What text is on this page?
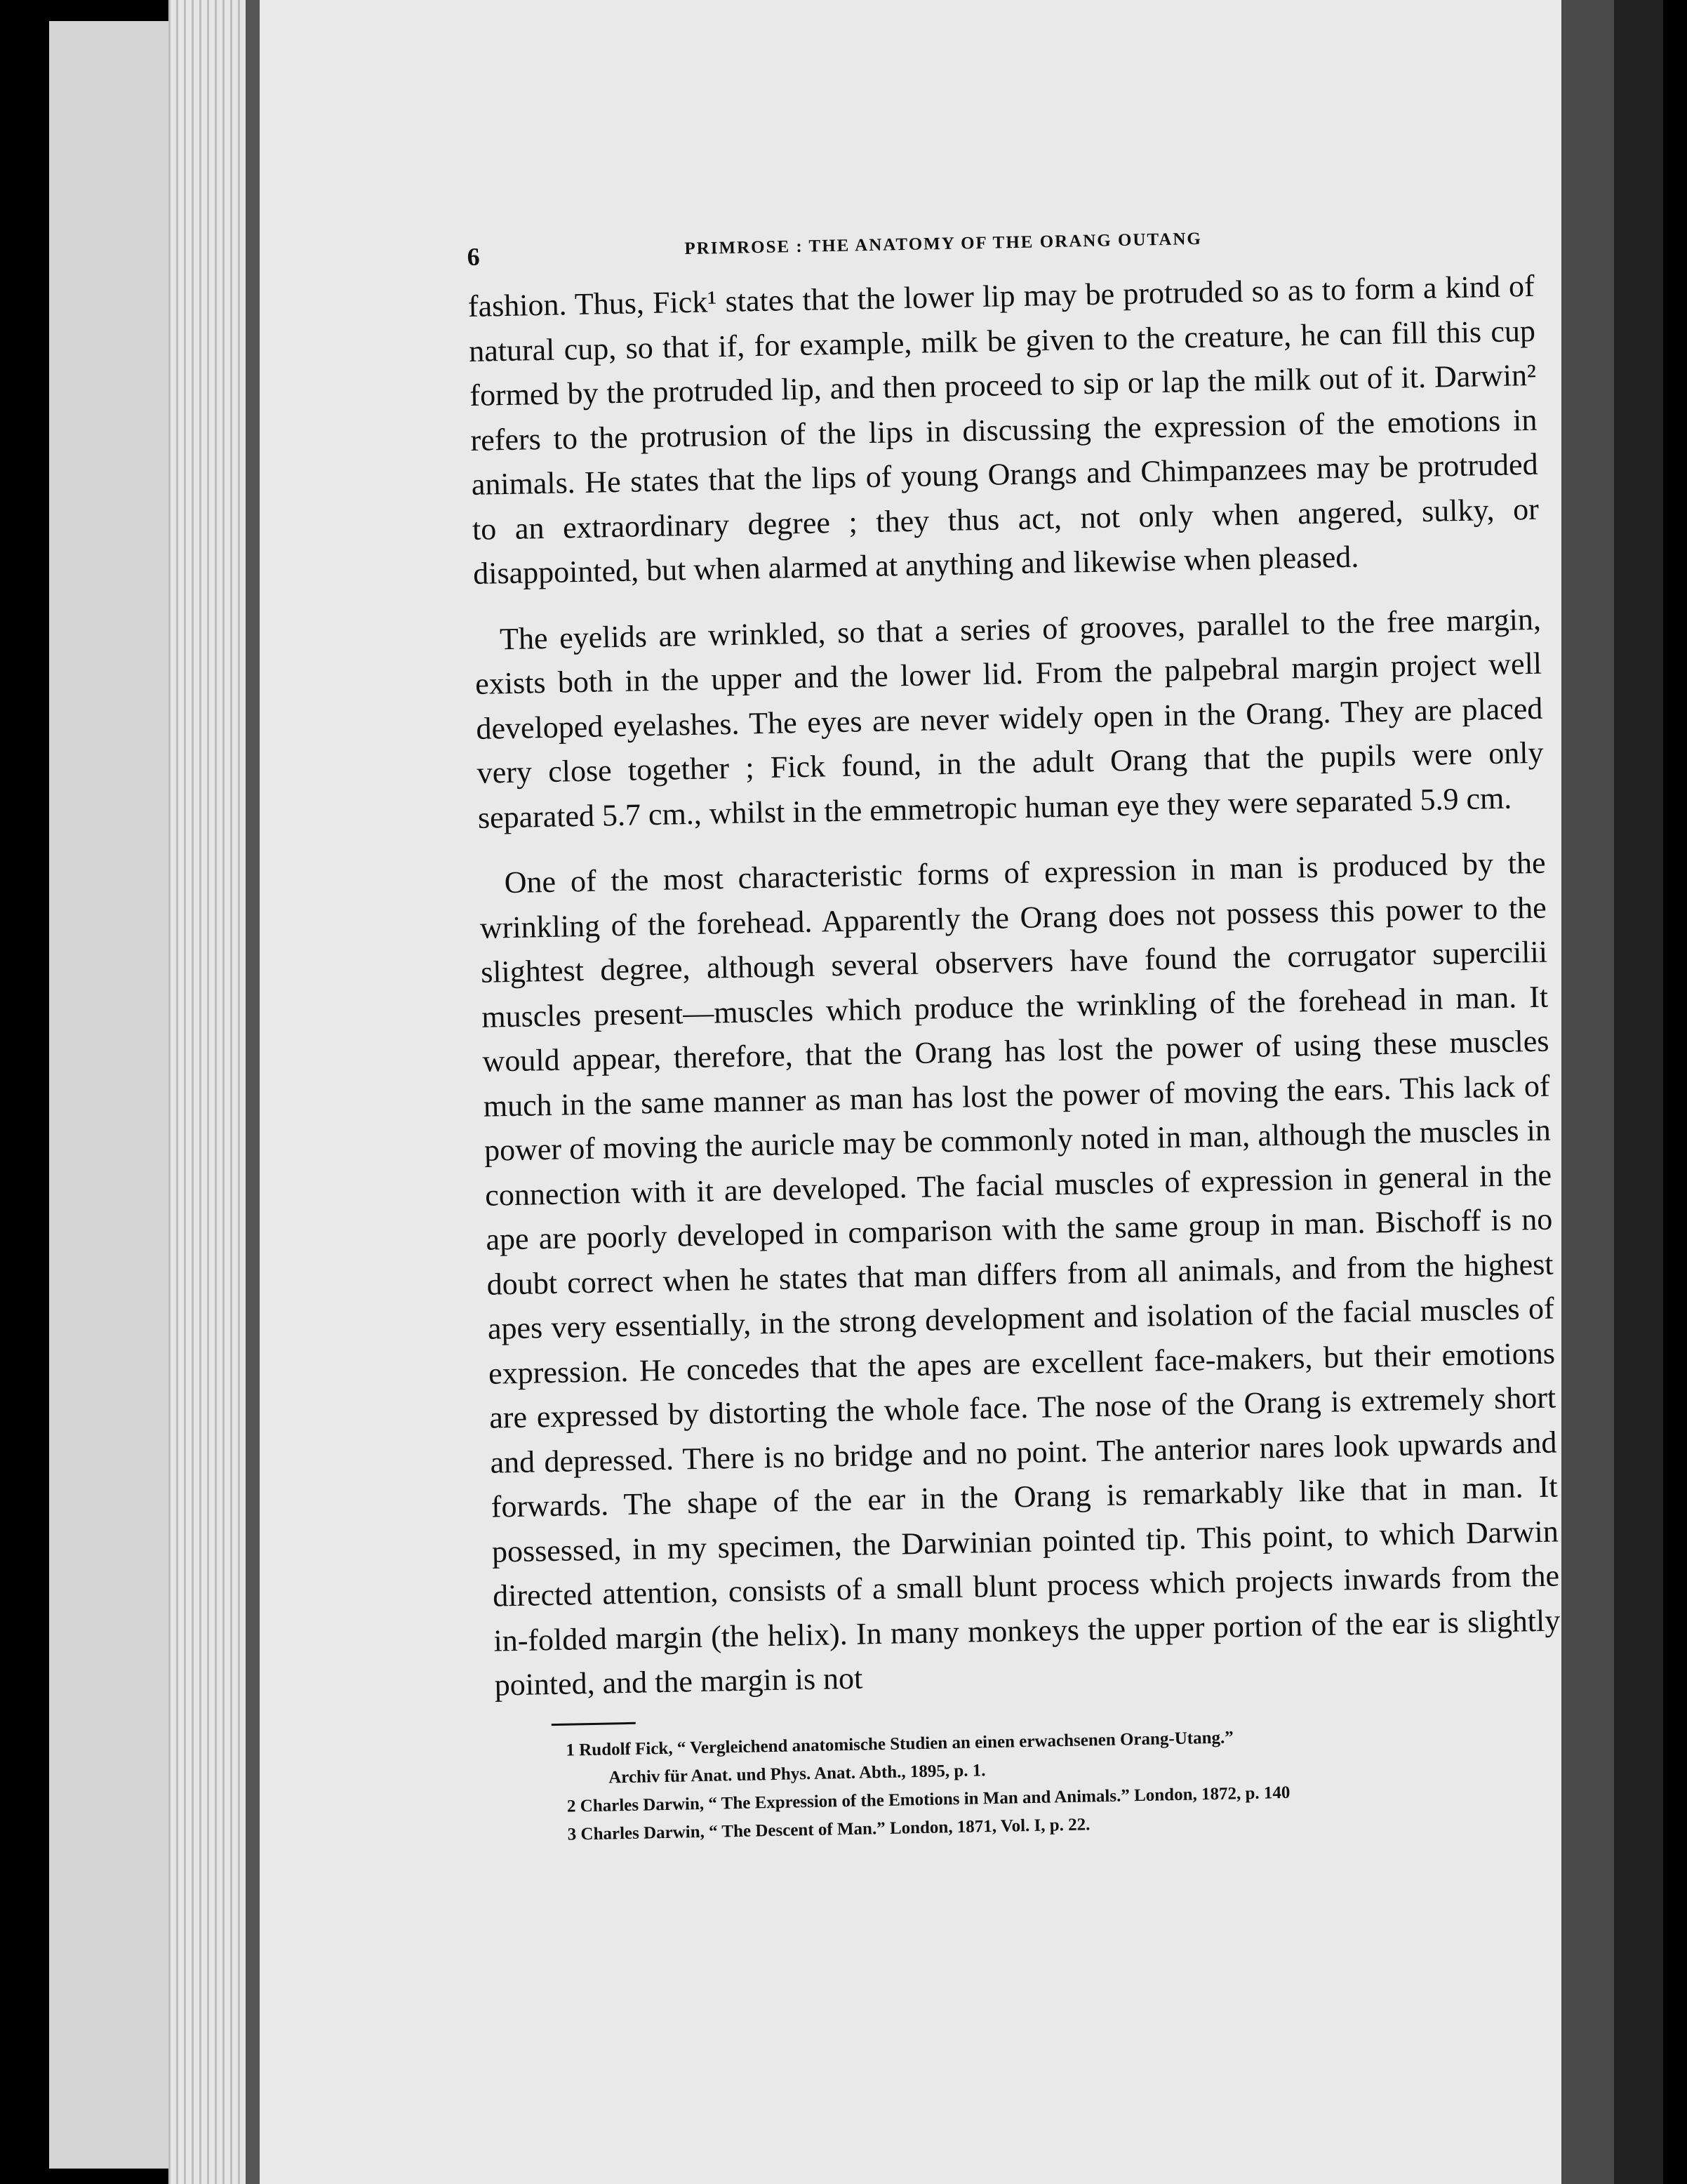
6	PRIMROSE : THE ANATOMY OF THE ORANG OUTANG

fashion. Thus, Fick¹ states that the lower lip may be protruded so as to form a kind of natural cup, so that if, for example, milk be given to the creature, he can fill this cup formed by the protruded lip, and then proceed to sip or lap the milk out of it. Darwin² refers to the protrusion of the lips in discussing the expression of the emotions in animals. He states that the lips of young Orangs and Chimpanzees may be protruded to an extraordinary degree ; they thus act, not only when angered, sulky, or disappointed, but when alarmed at anything and likewise when pleased.

The eyelids are wrinkled, so that a series of grooves, parallel to the free margin, exists both in the upper and the lower lid. From the palpebral margin project well developed eyelashes. The eyes are never widely open in the Orang. They are placed very close together ; Fick found, in the adult Orang that the pupils were only separated 5.7 cm., whilst in the emmetropic human eye they were separated 5.9 cm.

One of the most characteristic forms of expression in man is produced by the wrinkling of the forehead. Apparently the Orang does not possess this power to the slightest degree, although several observers have found the corrugator supercilii muscles present—muscles which produce the wrinkling of the forehead in man. It would appear, therefore, that the Orang has lost the power of using these muscles much in the same manner as man has lost the power of moving the ears. This lack of power of moving the auricle may be commonly noted in man, although the muscles in connection with it are developed. The facial muscles of expression in general in the ape are poorly developed in comparison with the same group in man. Bischoff is no doubt correct when he states that man differs from all animals, and from the highest apes very essentially, in the strong development and isolation of the facial muscles of expression. He concedes that the apes are excellent face-makers, but their emotions are expressed by distorting the whole face. The nose of the Orang is extremely short and depressed. There is no bridge and no point. The anterior nares look upwards and forwards. The shape of the ear in the Orang is remarkably like that in man. It possessed, in my specimen, the Darwinian pointed tip. This point, to which Darwin directed attention, consists of a small blunt process which projects inwards from the in-folded margin (the helix). In many monkeys the upper portion of the ear is slightly pointed, and the margin is not

1 Rudolf Fick, “ Vergleichend anatomische Studien an einen erwachsenen Orang-Utang.”
Archiv für Anat. und Phys. Anat. Abth., 1895, p. 1.
2 Charles Darwin, “ The Expression of the Emotions in Man and Animals.” London, 1872, p. 140
3 Charles Darwin, “ The Descent of Man.” London, 1871, Vol. I, p. 22.
